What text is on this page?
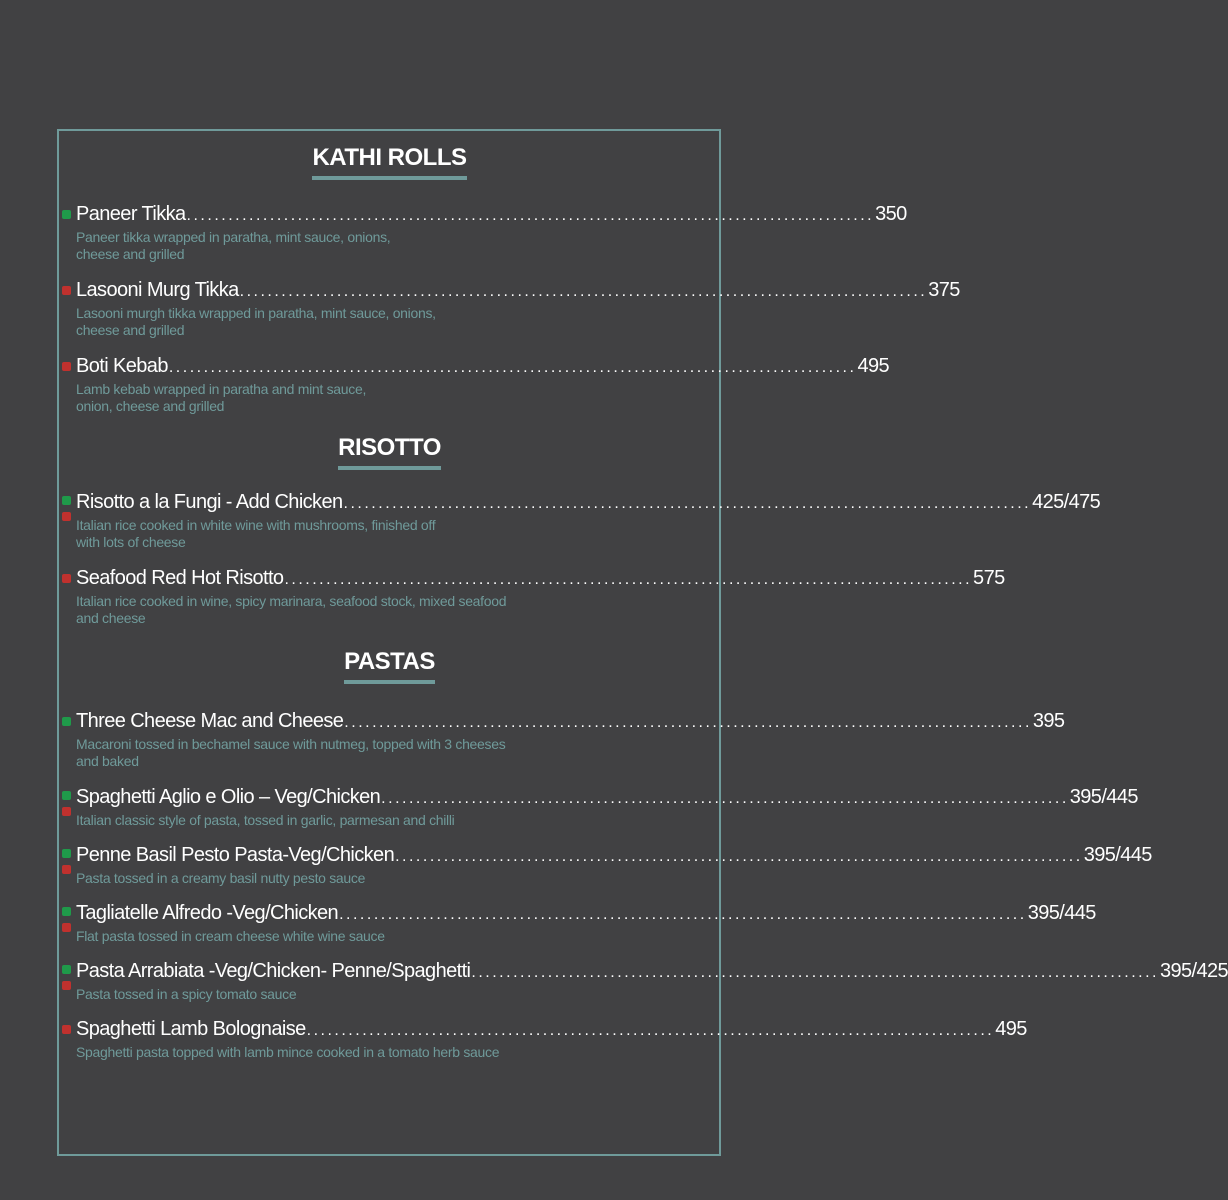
KATHI ROLLS
Paneer Tikka ................................................................................................... 350
Paneer tikka wrapped in paratha, mint sauce, onions,
cheese and grilled
Lasooni Murg Tikka ................................................................................................... 375
Lasooni murgh tikka wrapped in paratha, mint sauce, onions,
cheese and grilled
Boti Kebab ................................................................................................... 495
Lamb kebab wrapped in paratha and mint sauce,
onion, cheese and grilled
RISOTTO
Risotto a la Fungi - Add Chicken ................................................................................................... 425/475
Italian rice cooked in white wine with mushrooms, finished off
with lots of cheese
Seafood Red Hot Risotto ................................................................................................... 575
Italian rice cooked in wine, spicy marinara, seafood stock, mixed seafood
and cheese
PASTAS
Three Cheese Mac and Cheese ................................................................................................... 395
Macaroni tossed in bechamel sauce with nutmeg, topped with 3 cheeses
and baked
Spaghetti Aglio e Olio – Veg/Chicken ................................................................................................... 395/445
Italian classic style of pasta, tossed in garlic, parmesan and chilli
Penne Basil Pesto Pasta-Veg/Chicken ................................................................................................... 395/445
Pasta tossed in a creamy basil nutty pesto sauce
Tagliatelle Alfredo -Veg/Chicken ................................................................................................... 395/445
Flat pasta tossed in cream cheese white wine sauce
Pasta Arrabiata -Veg/Chicken- Penne/Spaghetti ................................................................................................... 395/425
Pasta tossed in a spicy tomato sauce
Spaghetti Lamb Bolognaise ................................................................................................... 495
Spaghetti pasta topped with lamb mince cooked in a tomato herb sauce
